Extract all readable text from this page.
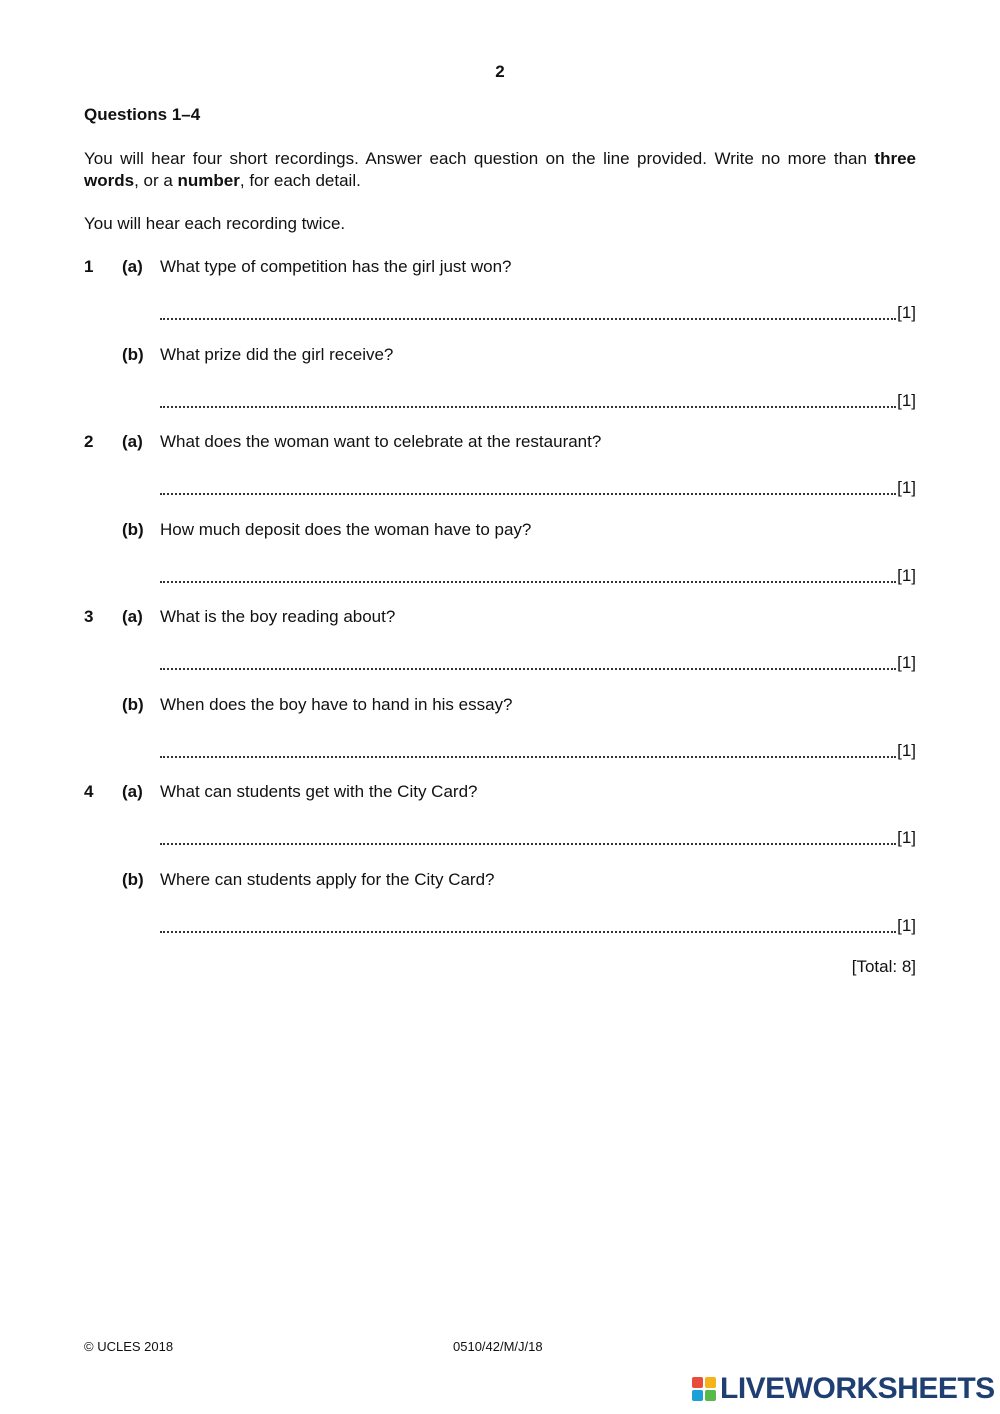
2
Questions 1–4
You will hear four short recordings. Answer each question on the line provided. Write no more than three words, or a number, for each detail.
You will hear each recording twice.
1 (a) What type of competition has the girl just won?
[1]
(b) What prize did the girl receive?
[1]
2 (a) What does the woman want to celebrate at the restaurant?
[1]
(b) How much deposit does the woman have to pay?
[1]
3 (a) What is the boy reading about?
[1]
(b) When does the boy have to hand in his essay?
[1]
4 (a) What can students get with the City Card?
[1]
(b) Where can students apply for the City Card?
[1]
[Total: 8]
© UCLES 2018	0510/42/M/J/18
LIVEWORKSHEETS
